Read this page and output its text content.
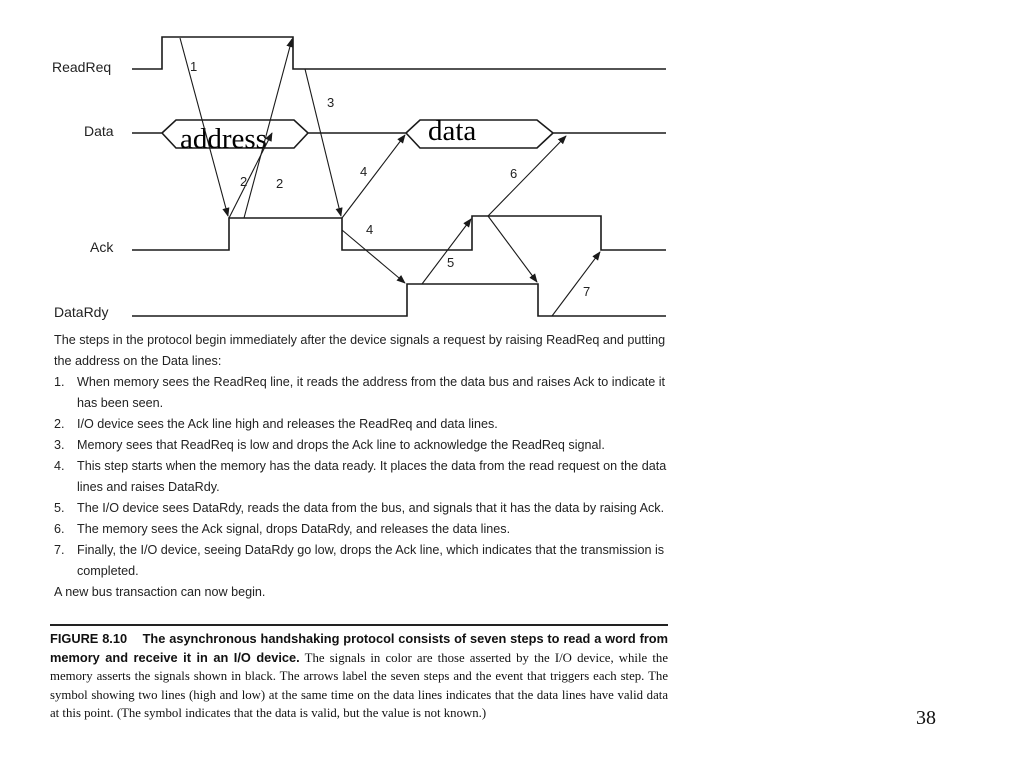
ReadReq
Data
Ack
DataRdy
address	data
1
2 2
3
4
4
5
6
7

The steps in the protocol begin immediately after the device signals a request by raising ReadReq and putting the address on the Data lines:

1. When memory sees the ReadReq line, it reads the address from the data bus and raises Ack to indicate it has been seen.
2. I/O device sees the Ack line high and releases the ReadReq and data lines.
3. Memory sees that ReadReq is low and drops the Ack line to acknowledge the ReadReq signal.
4. This step starts when the memory has the data ready. It places the data from the read request on the data lines and raises DataRdy.
5. The I/O device sees DataRdy, reads the data from the bus, and signals that it has the data by raising Ack.
6. The memory sees the Ack signal, drops DataRdy, and releases the data lines.
7. Finally, the I/O device, seeing DataRdy go low, drops the Ack line, which indicates that the transmission is completed.

A new bus transaction can now begin.

FIGURE 8.10 The asynchronous handshaking protocol consists of seven steps to read a word from memory and receive it in an I/O device. The signals in color are those asserted by the I/O device, while the memory asserts the signals shown in black. The arrows label the seven steps and the event that triggers each step. The symbol showing two lines (high and low) at the same time on the data lines indicates that the data lines have valid data at this point. (The symbol indicates that the data is valid, but the value is not known.)	38
